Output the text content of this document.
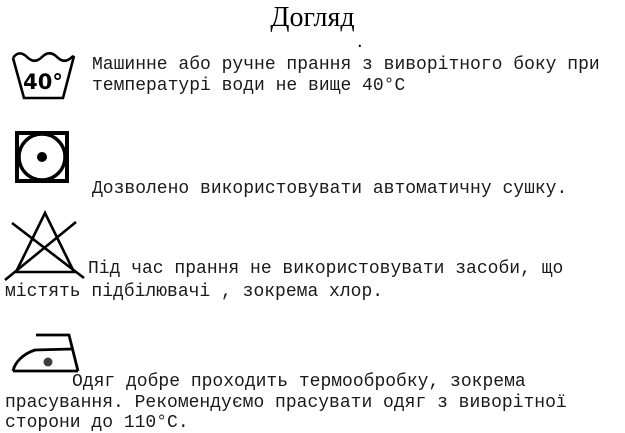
Догляд
.
40°
Машинне або ручне прання з виворітного боку при
температурі води не вище 40°C
Дозволено використовувати автоматичну сушку.
Під час прання не використовувати засоби, що
містять підбілювачі , зокрема хлор.
Одяг добре проходить термообробку, зокрема
прасування. Рекомендуємо прасувати одяг з виворітної
сторони до 110°C.
